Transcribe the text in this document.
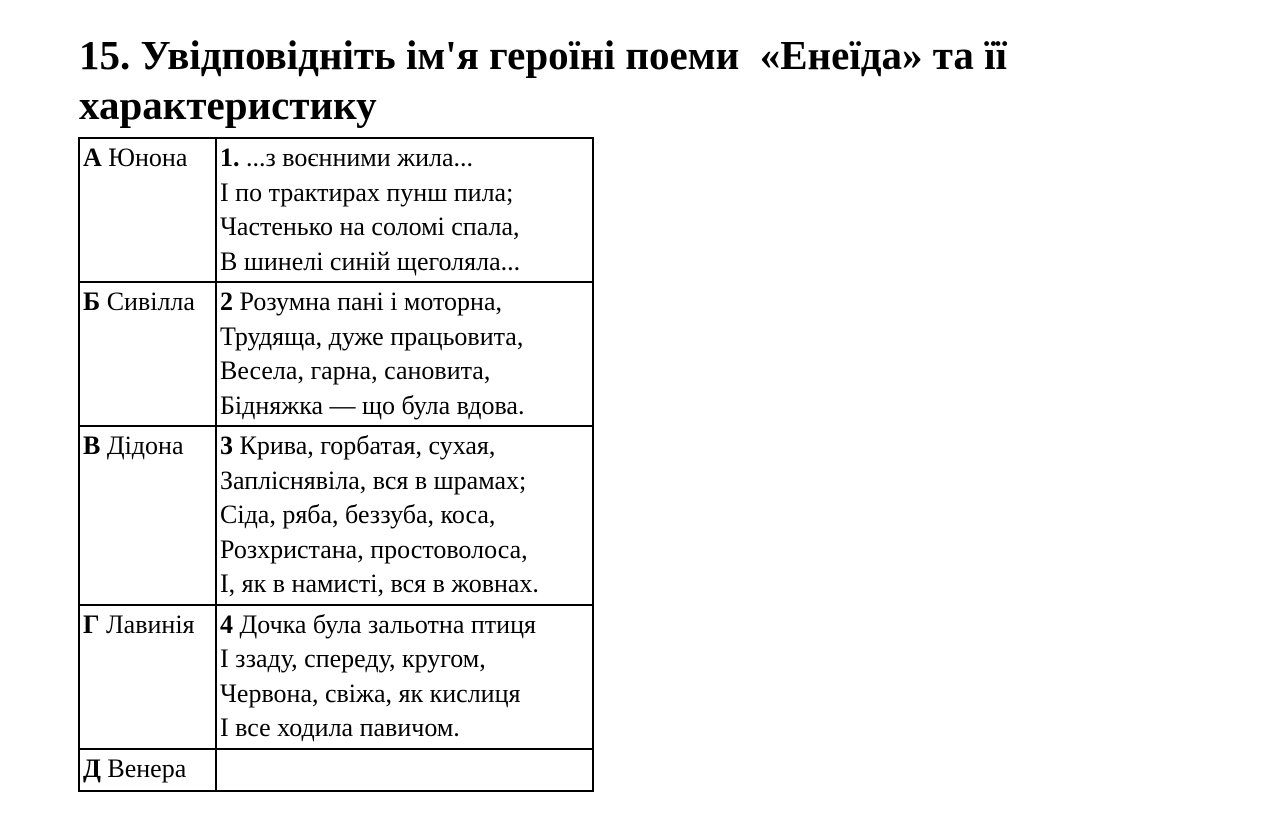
15. Увідповідніть ім'я героїні поеми  «Енеїда» та її
характеристику
А Юнона	1. ...з воєнними жила...
І по трактирах пунш пила;
Частенько на соломі спала,
В шинелі синій щеголяла...

Б Сивілла	2 Розумна пані і моторна,
Трудяща, дуже працьовита,
Весела, гарна, сановита,
Бідняжка — що була вдова.

В Дідона	3 Крива, горбатая, сухая,
Запліснявіла, вся в шрамах;
Сіда, ряба, беззуба, коса,
Розхристана, простоволоса,
І, як в намисті, вся в жовнах.

Г Лавинія	4 Дочка була зальотна птиця
І ззаду, спереду, кругом,
Червона, свіжа, як кислиця
І все ходила павичом.

Д Венера	
